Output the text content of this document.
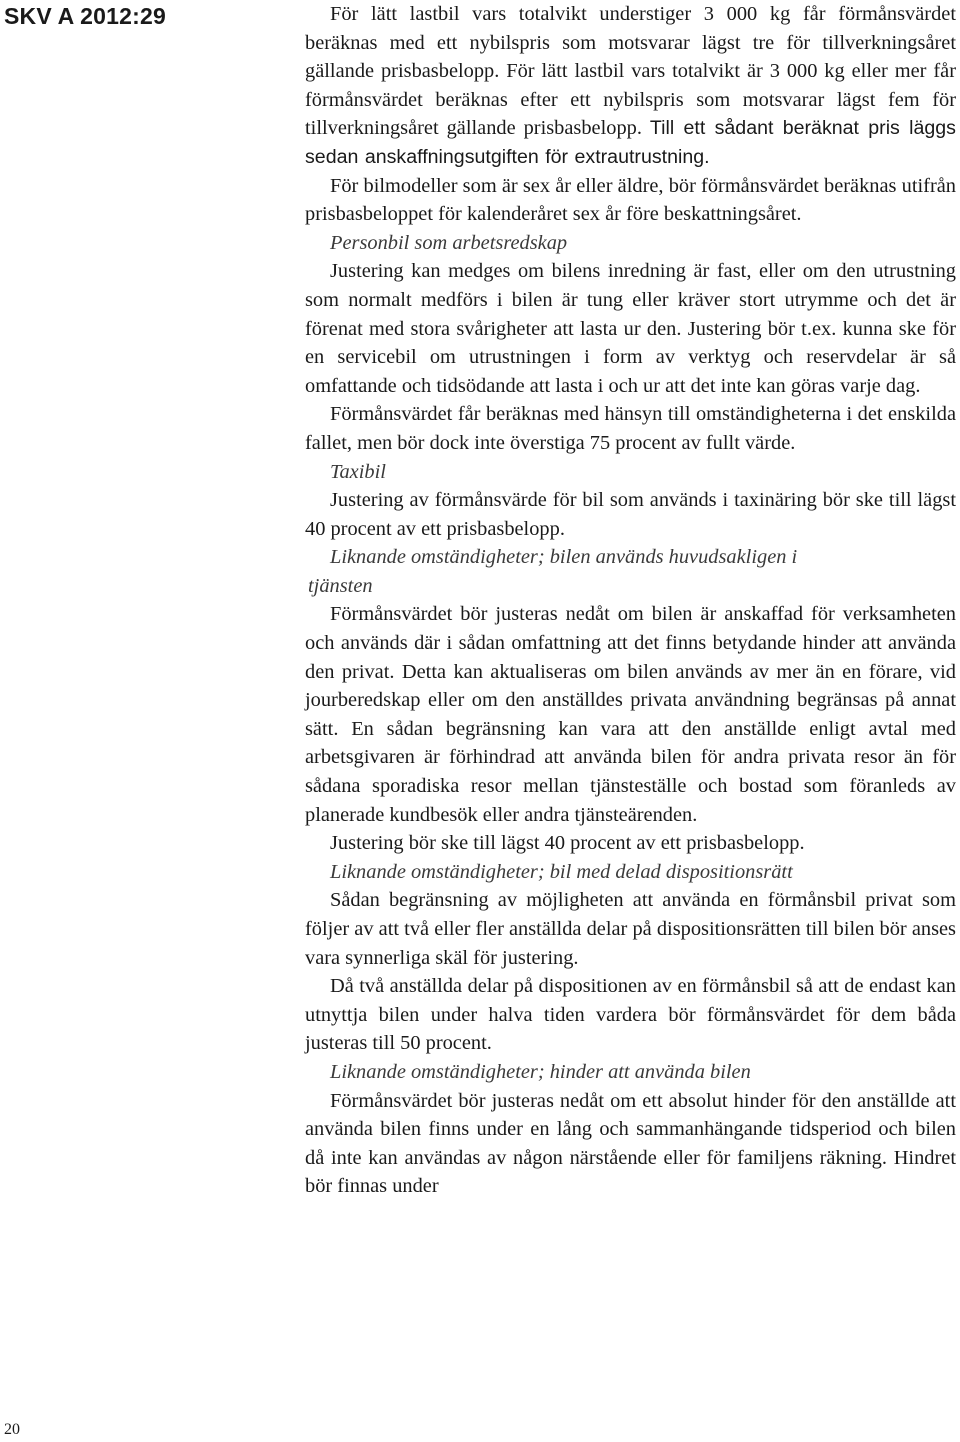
SKV A 2012:29	För lätt lastbil vars totalvikt understiger 3 000 kg får förmånsvärdet beräknas med ett nybilspris som motsvarar lägst tre för tillverkningsåret gällande prisbasbelopp. För lätt lastbil vars totalvikt är 3 000 kg eller mer får förmånsvärdet beräknas efter ett nybilspris som motsvarar lägst fem för tillverkningsåret gällande prisbasbelopp. Till ett sådant beräknat pris läggs sedan anskaffningsutgiften för extrautrustning.

För bilmodeller som är sex år eller äldre, bör förmånsvärdet beräknas utifrån prisbasbeloppet för kalenderåret sex år före beskattningsåret.

Personbil som arbetsredskap

Justering kan medges om bilens inredning är fast, eller om den utrustning som normalt medförs i bilen är tung eller kräver stort utrymme och det är förenat med stora svårigheter att lasta ur den. Justering bör t.ex. kunna ske för en servicebil om utrustningen i form av verktyg och reservdelar är så omfattande och tidsödande att lasta i och ur att det inte kan göras varje dag.

Förmånsvärdet får beräknas med hänsyn till omständigheterna i det enskilda fallet, men bör dock inte överstiga 75 procent av fullt värde.

Taxibil

Justering av förmånsvärde för bil som används i taxinäring bör ske till lägst 40 procent av ett prisbasbelopp.

Liknande omständigheter; bilen används huvudsakligen i

tjänsten

Förmånsvärdet bör justeras nedåt om bilen är anskaffad för verksamheten och används där i sådan omfattning att det finns betydande hinder att använda den privat. Detta kan aktualiseras om bilen används av mer än en förare, vid jourberedskap eller om den anställdes privata användning begränsas på annat sätt. En sådan begränsning kan vara att den anställde enligt avtal med arbetsgivaren är förhindrad att använda bilen för andra privata resor än för sådana sporadiska resor mellan tjänsteställe och bostad som föranleds av planerade kundbesök eller andra tjänsteärenden.

Justering bör ske till lägst 40 procent av ett prisbasbelopp.

Liknande omständigheter; bil med delad dispositionsrätt

Sådan begränsning av möjligheten att använda en förmånsbil privat som följer av att två eller fler anställda delar på dispositionsrätten till bilen bör anses vara synnerliga skäl för justering.

Då två anställda delar på dispositionen av en förmånsbil så att de endast kan utnyttja bilen under halva tiden vardera bör förmånsvärdet för dem båda justeras till 50 procent.

Liknande omständigheter; hinder att använda bilen

Förmånsvärdet bör justeras nedåt om ett absolut hinder för den anställde att använda bilen finns under en lång och sammanhängande tidsperiod och bilen då inte kan användas av någon närstående eller för familjens räkning. Hindret bör finnas under

20
